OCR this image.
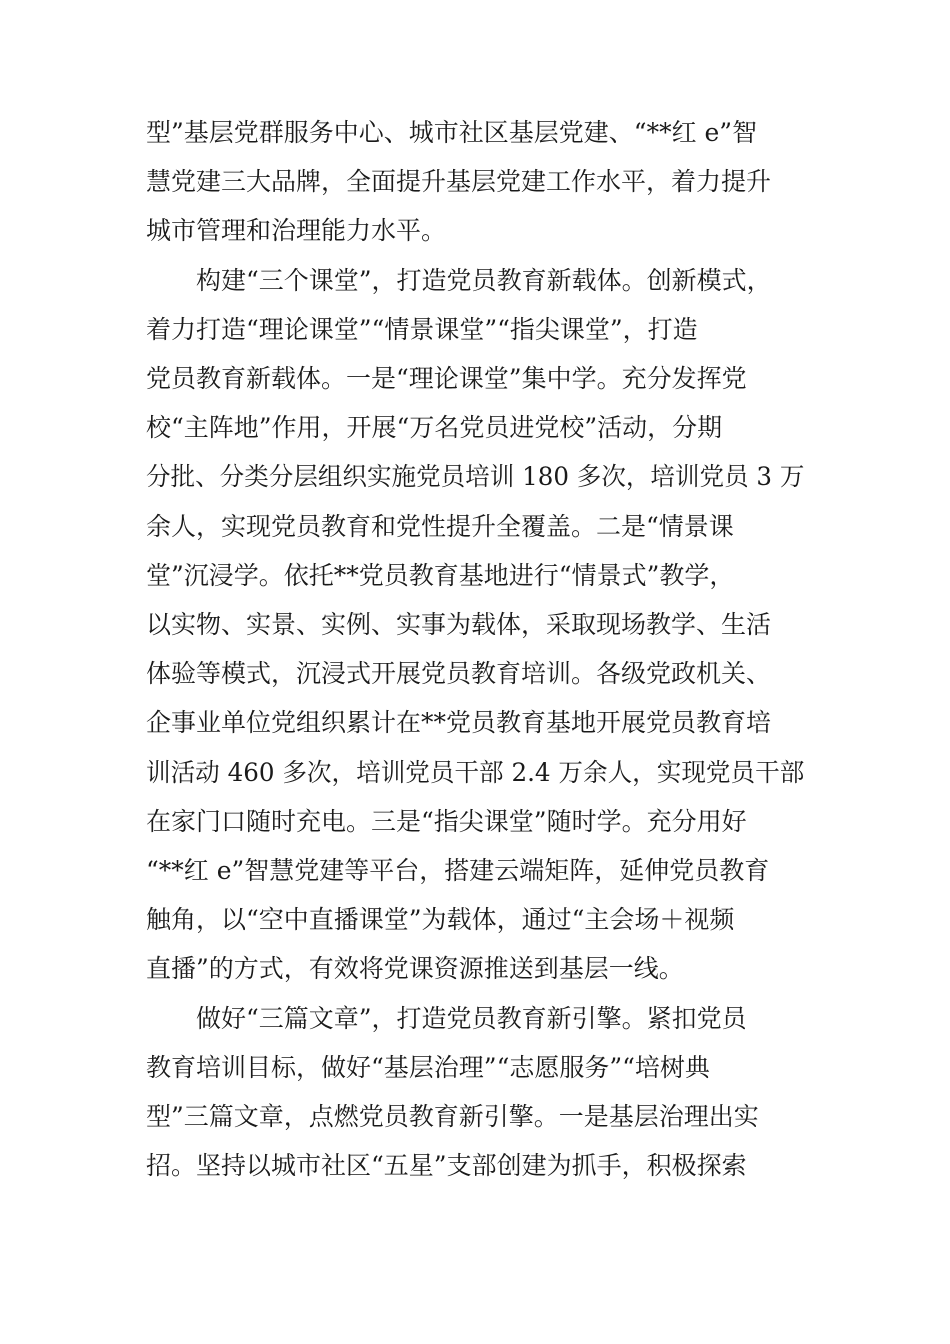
型”基层党群服务中心、城市社区基层党建、“**红 e”智
慧党建三大品牌，全面提升基层党建工作水平，着力提升
城市管理和治理能力水平。
构建“三个课堂”，打造党员教育新载体。创新模式，
着力打造“理论课堂”“情景课堂”“指尖课堂”，打造
党员教育新载体。一是“理论课堂”集中学。充分发挥党
校“主阵地”作用，开展“万名党员进党校”活动，分期
分批、分类分层组织实施党员培训 180 多次，培训党员 3 万
余人，实现党员教育和党性提升全覆盖。二是“情景课
堂”沉浸学。依托**党员教育基地进行“情景式”教学，
以实物、实景、实例、实事为载体，采取现场教学、生活
体验等模式，沉浸式开展党员教育培训。各级党政机关、
企事业单位党组织累计在**党员教育基地开展党员教育培
训活动 460 多次，培训党员干部 2.4 万余人，实现党员干部
在家门口随时充电。三是“指尖课堂”随时学。充分用好
“**红 e”智慧党建等平台，搭建云端矩阵，延伸党员教育
触角，以“空中直播课堂”为载体，通过“主会场＋视频
直播”的方式，有效将党课资源推送到基层一线。
做好“三篇文章”，打造党员教育新引擎。紧扣党员
教育培训目标，做好“基层治理”“志愿服务”“培树典
型”三篇文章，点燃党员教育新引擎。一是基层治理出实
招。坚持以城市社区“五星”支部创建为抓手，积极探索
